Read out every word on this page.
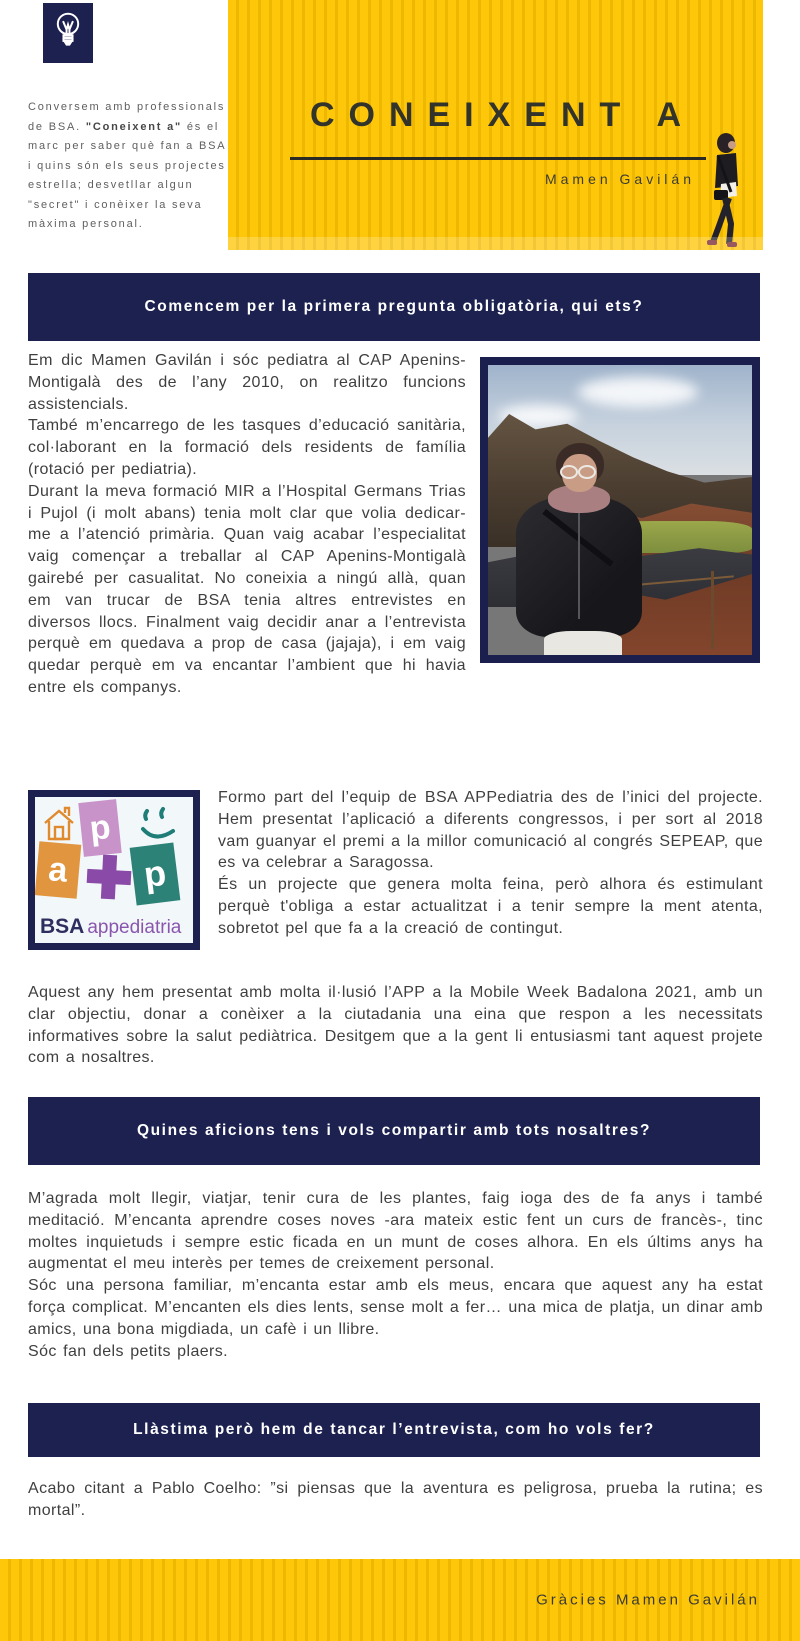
Conversem amb professionals de BSA. "Coneixent a" és el marc per saber què fan a BSA i quins són els seus projectes estrella; desvetllar algun "secret" i conèixer la seva màxima personal.
CONEIXENT A
Mamen Gavilán
Comencem per la primera pregunta obligatòria, qui ets?

Em dic Mamen Gavilán i sóc pediatra al CAP Apenins-Montigalà des de l’any 2010, on realitzo funcions assistencials.

També m’encarrego de les tasques d’educació sanitària, col·laborant en la formació dels residents de família (rotació per pediatria).

Durant la meva formació MIR a l’Hospital Germans Trias i Pujol (i molt abans) tenia molt clar que volia dedicar-me a l’atenció primària. Quan vaig acabar l’especialitat vaig començar a treballar al CAP Apenins-Montigalà gairebé per casualitat. No coneixia a ningú allà, quan em van trucar de BSA tenia altres entrevistes en diversos llocs. Finalment vaig decidir anar a l’entrevista perquè em quedava a prop de casa (jajaja), i em vaig quedar perquè em va encantar l’ambient que hi havia entre els companys.

p
a p
BSA appediatria

Formo part del l’equip de BSA APPediatria des de l’inici del projecte. Hem presentat l’aplicació a diferents congressos, i per sort al 2018 vam guanyar el premi a la millor comunicació al congrés SEPEAP, que es va celebrar a Saragossa.

És un projecte que genera molta feina, però alhora és estimulant perquè t'obliga a estar actualitzat i a tenir sempre la ment atenta, sobretot pel que fa a la creació de contingut.

Aquest any hem presentat amb molta il·lusió l’APP a la Mobile Week Badalona 2021, amb un clar objectiu, donar a conèixer a la ciutadania una eina que respon a les necessitats informatives sobre la salut pediàtrica. Desitgem que a la gent li entusiasmi tant aquest projete com a nosaltres.

Quines aficions tens i vols compartir amb tots nosaltres?

M’agrada molt llegir, viatjar, tenir cura de les plantes, faig ioga des de fa anys i també meditació. M’encanta aprendre coses noves -ara mateix estic fent un curs de francès-, tinc moltes inquietuds i sempre estic ficada en un munt de coses alhora. En els últims anys ha augmentat el meu interès per temes de creixement personal.

Sóc una persona familiar, m’encanta estar amb els meus, encara que aquest any ha estat força complicat. M’encanten els dies lents, sense molt a fer… una mica de platja, un dinar amb amics, una bona migdiada, un cafè i un llibre.

Sóc fan dels petits plaers.

Llàstima però hem de tancar l’entrevista, com ho vols fer?

Acabo citant a Pablo Coelho: ”si piensas que la aventura es peligrosa, prueba la rutina; es mortal”.

Gràcies Mamen Gavilán
